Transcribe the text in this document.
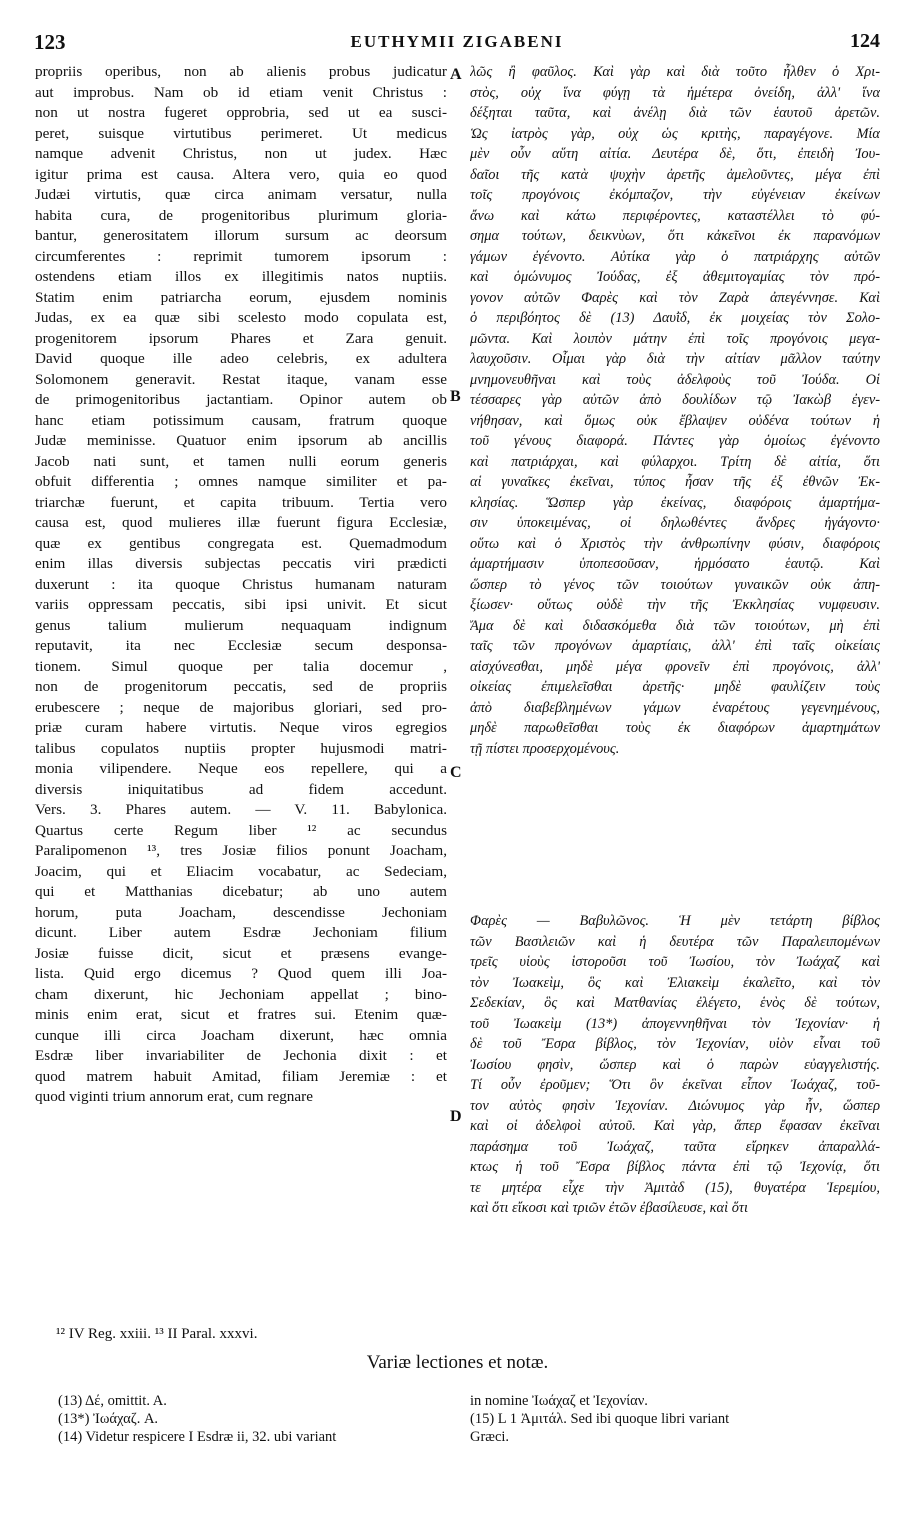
123	EUTHYMII ZIGABENI	124
propriis operibus, non ab alienis probus judicatur
aut improbus. Nam ob id etiam venit Christus :
non ut nostra fugeret opprobria, sed ut ea susci-
peret, suisque virtutibus perimeret. Ut medicus
namque advenit Christus, non ut judex. Hæc
igitur prima est causa. Altera vero, quia eo quod
Judæi virtutis, quæ circa animam versatur, nulla
habita cura, de progenitoribus plurimum gloria-
bantur, generositatem illorum sursum ac deorsum
circumferentes : reprimit tumorem ipsorum :
ostendens etiam illos ex illegitimis natos nuptiis.
Statim enim patriarcha eorum, ejusdem nominis
Judas, ex ea quæ sibi scelesto modo copulata est,
progenitorem ipsorum Phares et Zara genuit.
David quoque ille adeo celebris, ex adultera
Solomonem generavit. Restat itaque, vanam esse
de primogenitoribus jactantiam. Opinor autem ob
hanc etiam potissimum causam, fratrum quoque
Judæ meminisse. Quatuor enim ipsorum ab ancillis
Jacob nati sunt, et tamen nulli eorum generis
obfuit differentia ; omnes namque similiter et pa-
triarchæ fuerunt, et capita tribuum. Tertia vero
causa est, quod mulieres illæ fuerunt figura Ecclesiæ,
quæ ex gentibus congregata est. Quemadmodum
enim illas diversis subjectas peccatis viri prædicti
duxerunt : ita quoque Christus humanam naturam
variis oppressam peccatis, sibi ipsi univit. Et sicut
genus talium mulierum nequaquam indignum
reputavit, ita nec Ecclesiæ secum desponsa-
tionem. Simul quoque per talia docemur ,
non de progenitorum peccatis, sed de propriis
erubescere ; neque de majoribus gloriari, sed pro-
priæ curam habere virtutis. Neque viros egregios
talibus copulatos nuptiis propter hujusmodi matri-
monia vilipendere. Neque eos repellere, qui a
diversis iniquitatibus ad fidem accedunt.
Vers. 3. Phares autem. — V. 11. Babylonica.
Quartus certe Regum liber ¹² ac secundus
Paralipomenon ¹³, tres Josiæ filios ponunt Joacham,
Joacim, qui et Eliacim vocabatur, ac Sedeciam,
qui et Matthanias dicebatur; ab uno autem
horum, puta Joacham, descendisse Jechoniam
dicunt. Liber autem Esdræ Jechoniam filium
Josiæ fuisse dicit, sicut et præsens evange-
lista. Quid ergo dicemus ? Quod quem illi Joa-
cham dixerunt, hic Jechoniam appellat ; bino-
minis enim erat, sicut et fratres sui. Etenim quæ-
cunque illi circa Joacham dixerunt, hæc omnia
Esdræ liber invariabiliter de Jechonia dixit : et
quod matrem habuit Amitad, filiam Jeremiæ : et
quod viginti trium annorum erat, cum regnare
λῶς ἢ φαῦλος. Καὶ γὰρ καὶ διὰ τοῦτο ἦλθεν ὁ Χρι-
στὸς, οὐχ ἵνα φύγῃ τὰ ἡμέτερα ὀνείδη, ἀλλ' ἵνα
δέξηται ταῦτα, καὶ ἀνέλῃ διὰ τῶν ἑαυτοῦ ἀρετῶν.
Ὡς ἰατρὸς γὰρ, οὐχ ὡς κριτὴς, παραγέγονε. Μία
μὲν οὖν αὕτη αἰτία. Δευτέρα δὲ, ὅτι, ἐπειδὴ Ἰου-
δαῖοι τῆς κατὰ ψυχὴν ἀρετῆς ἀμελοῦντες, μέγα ἐπὶ
τοῖς προγόνοις ἐκόμπαζον, τὴν εὐγένειαν ἐκείνων
ἄνω καὶ κάτω περιφέροντες, καταστέλλει τὸ φύ-
σημα τούτων, δεικνὺων, ὅτι κἀκεῖνοι ἐκ παρανόμων
γάμων ἐγένοντο. Αὐτίκα γὰρ ὁ πατριάρχης αὐτῶν
καὶ ὁμώνυμος Ἰούδας, ἐξ ἀθεμιτογαμίας τὸν πρό-
γονον αὐτῶν Φαρὲς καὶ τὸν Ζαρὰ ἀπεγέννησε. Καὶ
ὁ περιβόητος δὲ (13) Δαυῒδ, ἐκ μοιχείας τὸν Σολο-
μῶντα. Καὶ λοιπὸν μάτην ἐπὶ τοῖς προγόνοις μεγα-
λαυχοῦσιν. Οἶμαι γὰρ διὰ τὴν αἰτίαν μᾶλλον ταύτην
μνημονευθῆναι καὶ τοὺς ἀδελφοὺς τοῦ Ἰούδα. Οἱ
τέσσαρες γὰρ αὐτῶν ἀπὸ δουλίδων τῷ Ἰακὼβ ἐγεν-
νήθησαν, καὶ ὅμως οὐκ ἔβλαψεν οὐδένα τούτων ἡ
τοῦ γένους διαφορά. Πάντες γὰρ ὁμοίως ἐγένοντο
καὶ πατριάρχαι, καὶ φύλαρχοι. Τρίτη δὲ αἰτία, ὅτι
αἱ γυναῖκες ἐκεῖναι, τύπος ἦσαν τῆς ἐξ ἐθνῶν Ἐκ-
κλησίας. Ὥσπερ γὰρ ἐκείνας, διαφόροις ἁμαρτήμα-
σιν ὑποκειμένας, οἱ δηλωθέντες ἄνδρες ἠγάγοντο·
οὕτω καὶ ὁ Χριστὸς τὴν ἀνθρωπίνην φύσιν, διαφόροις
ἁμαρτήμασιν ὑποπεσοῦσαν, ἡρμόσατο ἑαυτῷ. Καὶ
ὥσπερ τὸ γένος τῶν τοιούτων γυναικῶν οὐκ ἀπη-
ξίωσεν· οὕτως οὐδὲ τὴν τῆς Ἐκκλησίας νυμφευσιν.
Ἅμα δὲ καὶ διδασκόμεθα διὰ τῶν τοιούτων, μὴ ἐπὶ
ταῖς τῶν προγόνων ἁμαρτίαις, ἀλλ' ἐπὶ ταῖς οἰκείαις
αἰσχύνεσθαι, μηδὲ μέγα φρονεῖν ἐπὶ προγόνοις, ἀλλ'
οἰκείας ἐπιμελεῖσθαι ἀρετῆς· μηδὲ φαυλίζειν τοὺς
ἀπὸ διαβεβλημένων γάμων ἐναρέτους γεγενημένους,
μηδὲ παρωθεῖσθαι τοὺς ἐκ διαφόρων ἁμαρτημάτων
τῇ πίστει προσερχομένους.
Φαρὲς — Βαβυλῶνος. Ἡ μὲν τετάρτη βίβλος
τῶν Βασιλειῶν καὶ ἡ δευτέρα τῶν Παραλειπομένων
τρεῖς υἱοὺς ἱστοροῦσι τοῦ Ἰωσίου, τὸν Ἰωάχαζ καὶ
τὸν Ἰωακεὶμ, ὃς καὶ Ἐλιακεὶμ ἐκαλεῖτο, καὶ τὸν
Σεδεκίαν, ὃς καὶ Ματθανίας ἐλέγετο, ἑνὸς δὲ τούτων,
τοῦ Ἰωακεὶμ (13*) ἀπογεννηθῆναι τὸν Ἰεχονίαν· ἡ
δὲ τοῦ Ἔσρα βίβλος, τὸν Ἰεχονίαν, υἱὸν εἶναι τοῦ
Ἰωσίου φησὶν, ὥσπερ καὶ ὁ παρὼν εὐαγγελιστής.
Τί οὖν ἐροῦμεν; Ὅτι ὃν ἐκεῖναι εἶπον Ἰωάχαζ, τοῦ-
τον αὐτὸς φησὶν Ἰεχονίαν. Διώνυμος γὰρ ἦν, ὥσπερ
καὶ οἱ ἀδελφοὶ αὐτοῦ. Καὶ γὰρ, ἅπερ ἔφασαν ἐκεῖναι
παράσημα τοῦ Ἰωάχαζ, ταῦτα εἴρηκεν ἀπαραλλά-
κτως ἡ τοῦ Ἔσρα βίβλος πάντα ἐπὶ τῷ Ἰεχονίᾳ, ὅτι
τε μητέρα εἶχε τὴν Ἀμιτὰδ (15), θυγατέρα Ἱερεμίου,
καὶ ὅτι εἴκοσι καὶ τριῶν ἐτῶν ἐβασίλευσε, καὶ ὅτι
A
B
C
D
¹² IV Reg. xxiii. ¹³ II Paral. xxxvi.
Variæ lectiones et notæ.
(13) Δέ, omittit. A.
(13*) Ἰωάχαζ. A.
(14) Videtur respicere I Esdræ ii, 32. ubi variant
in nomine Ἰωάχαζ et Ἰεχονίαν.
(15) L 1 Ἀμιτάλ. Sed ibi quoque libri variant
Græci.
